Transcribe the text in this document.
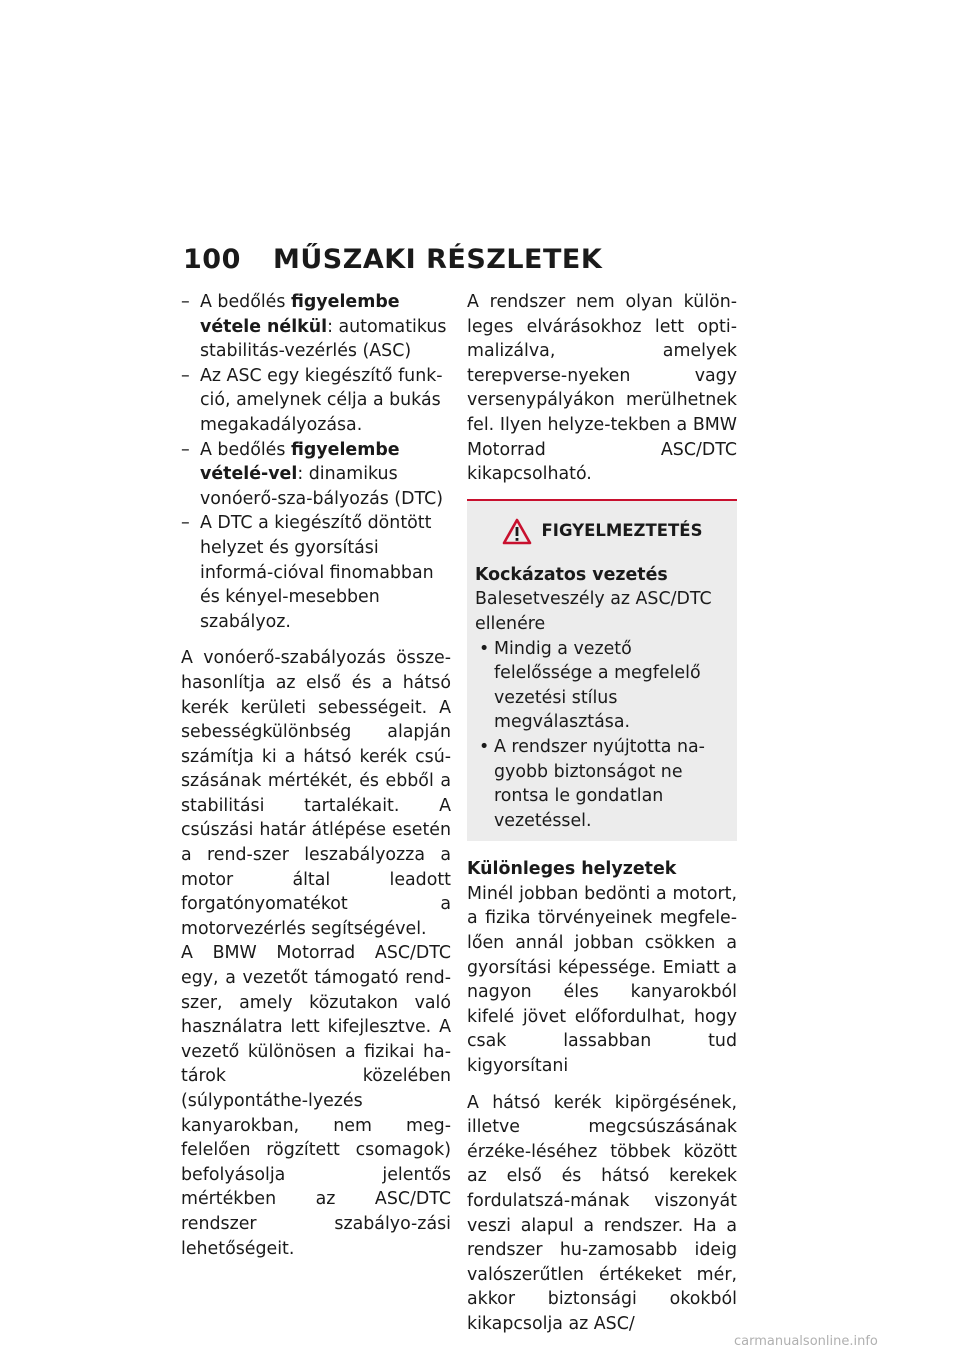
100 MŰSZAKI RÉSZLETEK
– A bedőlés figyelembe vétele nélkül: automatikus stabilitás-vezérlés (ASC)
– Az ASC egy kiegészítő funk-ció, amelynek célja a bukás megakadályozása.
– A bedőlés figyelembe vételé-vel: dinamikus vonóerő-sza-bályozás (DTC)
– A DTC a kiegészítő döntött helyzet és gyorsítási informá-cióval finomabban és kényel-mesebben szabályoz.

A vonóerő-szabályozás össze-hasonlítja az első és a hátsó kerék kerületi sebességeit. A sebességkülönbség alapján számítja ki a hátsó kerék csú-szásának mértékét, és ebből a stabilitási tartalékait. A csúszási határ átlépése esetén a rend-szer leszabályozza a motor által leadott forgatónyomatékot a motorvezérlés segítségével.

A BMW Motorrad ASC/DTC egy, a vezetőt támogató rend-szer, amely közutakon való használatra lett kifejlesztve. A vezető különösen a fizikai ha-tárok közelében (súlypontáthe-lyezés kanyarokban, nem meg-felelően rögzített csomagok) befolyásolja jelentős mértékben az ASC/DTC rendszer szabályo-zási lehetőségeit.

A rendszer nem olyan külön-leges elvárásokhoz lett opti-malizálva, amelyek terepverse-nyeken vagy versenypályákon merülhetnek fel. Ilyen helyze-tekben a BMW Motorrad ASC/DTC kikapcsolható.

FIGYELMEZTETÉS
Kockázatos vezetés
Balesetveszély az ASC/DTC ellenére
• Mindig a vezető felelőssége a megfelelő vezetési stílus megválasztása.
• A rendszer nyújtotta na-gyobb biztonságot ne rontsa le gondatlan vezetéssel.
Különleges helyzetek

Minél jobban bedönti a motort, a fizika törvényeinek megfele-lően annál jobban csökken a gyorsítási képessége. Emiatt a nagyon éles kanyarokból kifelé jövet előfordulhat, hogy csak lassabban tud kigyorsítani

A hátsó kerék kipörgésének, illetve megcsúszásának érzéke-léséhez többek között az első és hátsó kerekek fordulatszá-mának viszonyát veszi alapul a rendszer. Ha a rendszer hu-zamosabb ideig valószerűtlen értékeket mér, akkor biztonsági okokból kikapcsolja az ASC/

carmanualsonline.info
